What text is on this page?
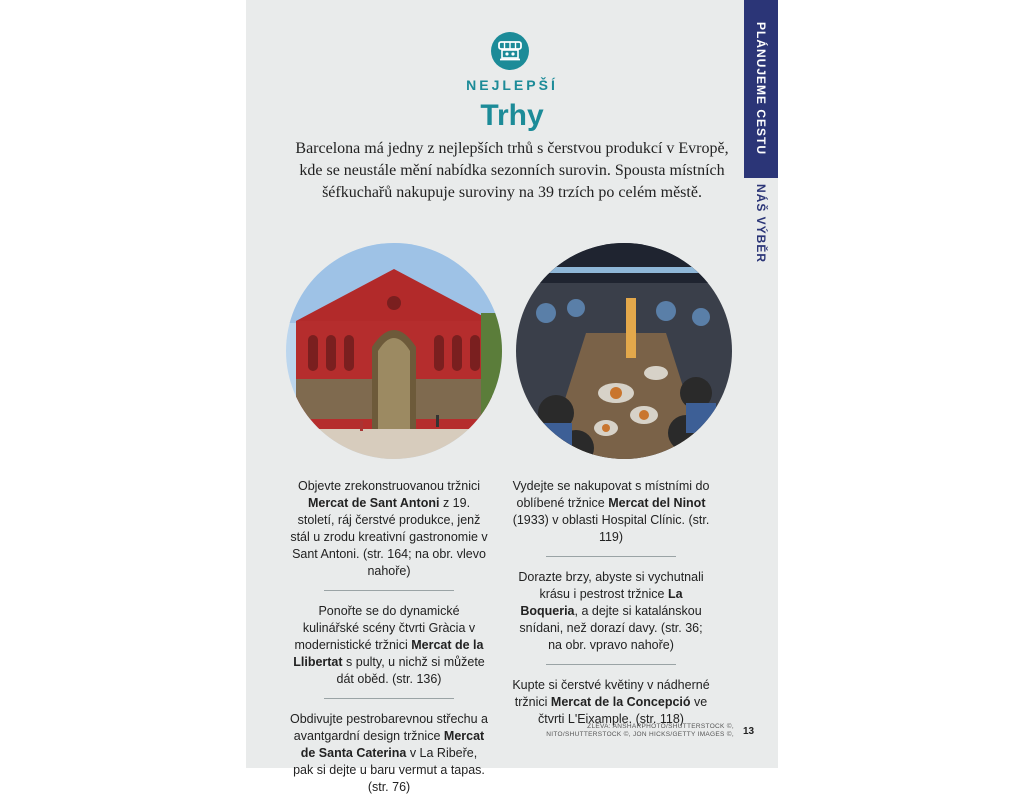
PLÁNUJEME CESTU
NÁŠ VÝBĚR
NEJLEPŠÍ
Trhy
Barcelona má jedny z nejlepších trhů s čerstvou produkcí v Evropě, kde se neustále mění nabídka sezonních surovin. Spousta místních šéfkuchařů nakupuje suroviny na 39 trzích po celém městě.
Objevte zrekonstruovanou tržnici Mercat de Sant Antoni z 19. století, ráj čerstvé produkce, jenž stál u zrodu kreativní gastronomie v Sant Antoni. (str. 164; na obr. vlevo nahoře)
Ponořte se do dynamické kulinářské scény čtvrti Gràcia v modernistické tržnici Mercat de la Llibertat s pulty, u nichž si můžete dát oběd. (str. 136)
Obdivujte pestrobarevnou střechu a avantgardní design tržnice Mercat de Santa Caterina v La Ribeře, pak si dejte u baru vermut a tapas. (str. 76)
Vydejte se nakupovat s místními do oblíbené tržnice Mercat del Ninot (1933) v oblasti Hospital Clínic. (str. 119)
Dorazte brzy, abyste si vychutnali krásu i pestrost tržnice La Boqueria, a dejte si katalánskou snídani, než dorazí davy. (str. 36; na obr. vpravo nahoře)
Kupte si čerstvé květiny v nádherné tržnici Mercat de la Concepció ve čtvrti L'Eixample. (str. 118)
ZLEVA: ANSHARPHOTO/SHUTTERSTOCK ©, NITO/SHUTTERSTOCK ©, JON HICKS/GETTY IMAGES ©, 13
